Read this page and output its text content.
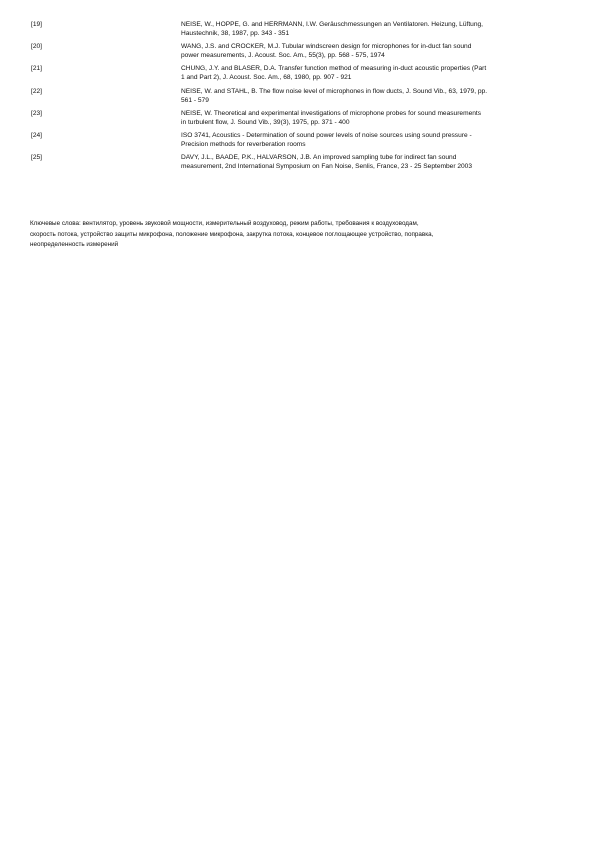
[19]	NEISE, W., HOPPE, G. and HERRMANN, I.W. Geräuschmessungen an Ventilatoren. Heizung, Lüftung,
Haustechnik, 38, 1987, pp. 343 - 351
[20]	WANG, J.S. and CROCKER, M.J. Tubular windscreen design for microphones for in-duct fan sound
power measurements, J. Acoust. Soc. Am., 55(3), pp. 568 - 575, 1974
[21]	CHUNG, J.Y. and BLASER, D.A. Transfer function method of measuring in-duct acoustic properties (Part
1 and Part 2), J. Acoust. Soc. Am., 68, 1980, pp. 907 - 921
[22]	NEISE, W. and STAHL, B. The flow noise level of microphones in flow ducts, J. Sound Vib., 63, 1979, pp.
561 - 579
[23]	NEISE, W. Theoretical and experimental investigations of microphone probes for sound measurements
in turbulent flow, J. Sound Vib., 39(3), 1975, pp. 371 - 400
[24]	ISO 3741, Acoustics - Determination of sound power levels of noise sources using sound pressure -
Precision methods for reverberation rooms
[25]	DAVY, J.L., BAADE, P.K., HALVARSON, J.B. An improved sampling tube for indirect fan sound
measurement, 2nd International Symposium on Fan Noise, Senlis, France, 23 - 25 September 2003
Ключевые слова: вентилятор, уровень звуковой мощности, измерительный воздуховод, режим работы, требования к воздуховодам,
скорость потока, устройство защиты микрофона, положение микрофона, закрутка потока, концевое поглощающее устройство, поправка,
неопределенность измерений
